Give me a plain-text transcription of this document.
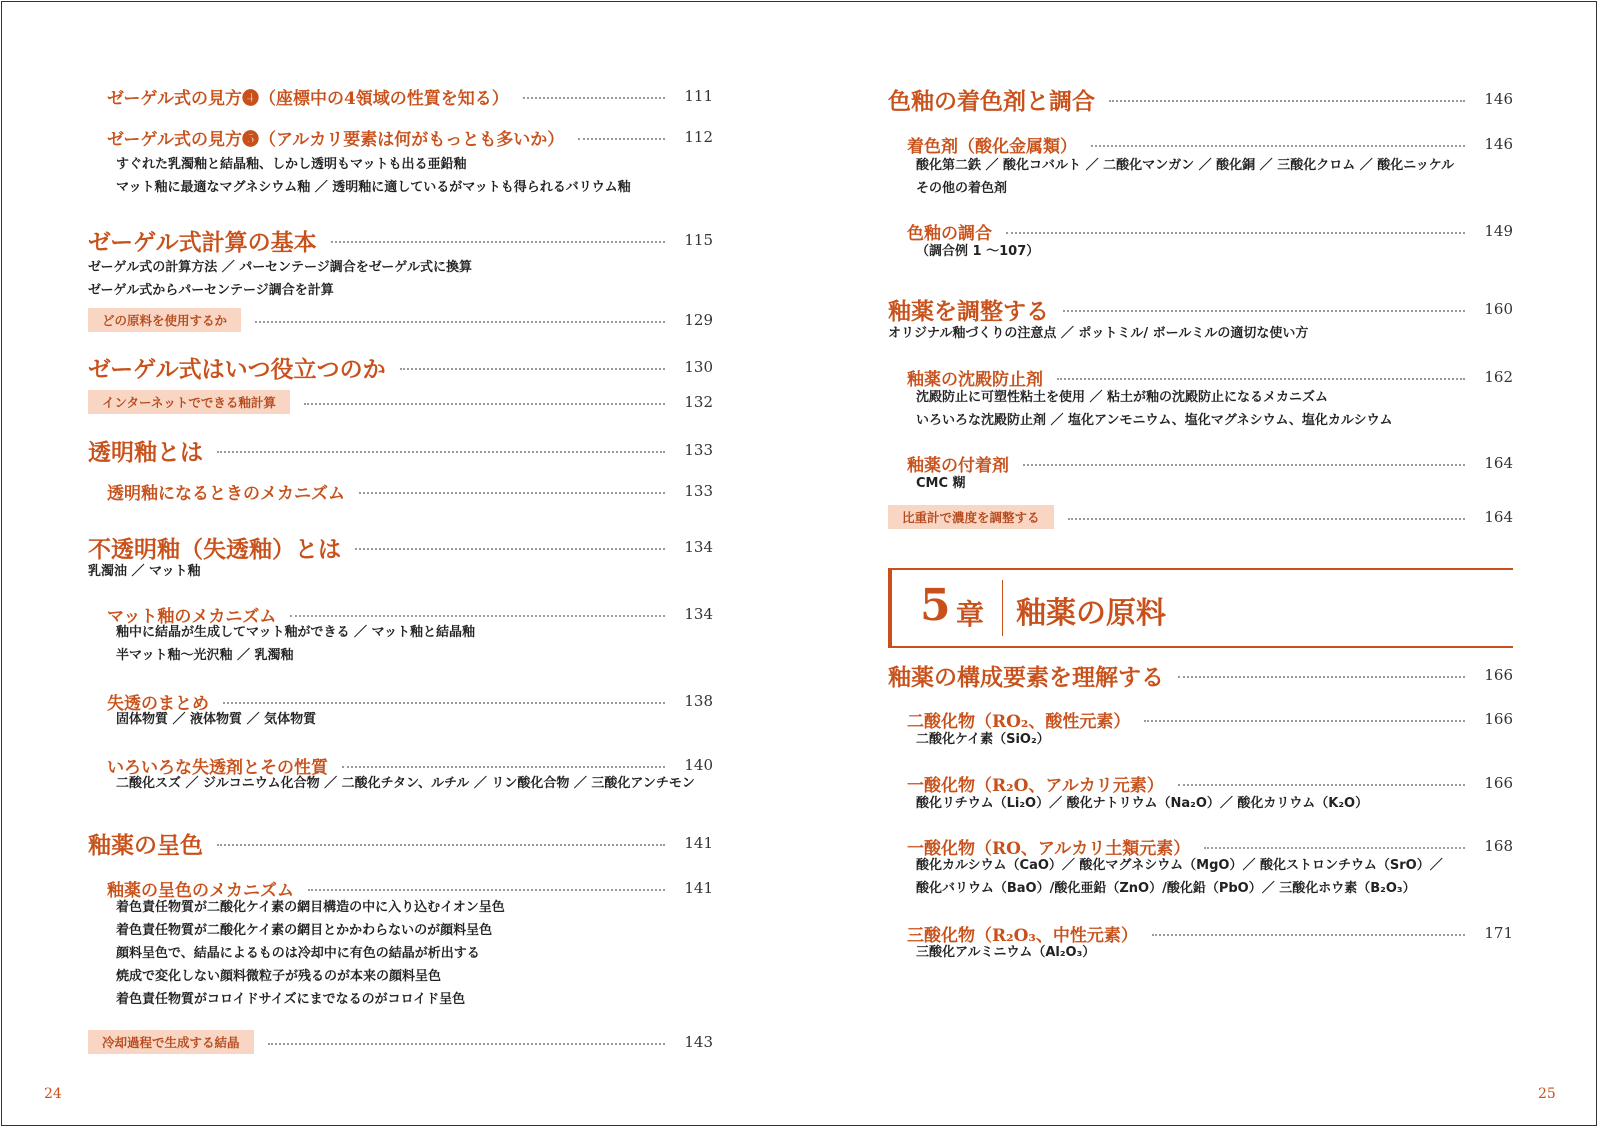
ゼーゲル式の見方❹（座標中の4領域の性質を知る）	111
ゼーゲル式の見方❺（アルカリ要素は何がもっとも多いか）	112
すぐれた乳濁釉と結晶釉、しかし透明もマットも出る亜鉛釉
マット釉に最適なマグネシウム釉 ／ 透明釉に適しているがマットも得られるバリウム釉
ゼーゲル式計算の基本	115
ゼーゲル式の計算方法 ／ パーセンテージ調合をゼーゲル式に換算
ゼーゲル式からパーセンテージ調合を計算
どの原料を使用するか	129
ゼーゲル式はいつ役立つのか	130
インターネットでできる釉計算	132
透明釉とは	133
透明釉になるときのメカニズム	133
不透明釉（失透釉）とは	134
乳濁油 ／ マット釉
マット釉のメカニズム	134
釉中に結晶が生成してマット釉ができる ／ マット釉と結晶釉
半マット釉〜光沢釉 ／ 乳濁釉
失透のまとめ	138
固体物質 ／ 液体物質 ／ 気体物質
いろいろな失透剤とその性質	140
二酸化スズ ／ ジルコニウム化合物 ／ 二酸化チタン、ルチル ／ リン酸化合物 ／ 三酸化アンチモン
釉薬の呈色	141
釉薬の呈色のメカニズム	141
着色責任物質が二酸化ケイ素の網目構造の中に入り込むイオン呈色
着色責任物質が二酸化ケイ素の網目とかかわらないのが顔料呈色
顔料呈色で、結晶によるものは冷却中に有色の結晶が析出する
焼成で変化しない顔料微粒子が残るのが本来の顔料呈色
着色責任物質がコロイドサイズにまでなるのがコロイド呈色
冷却過程で生成する結晶	143
色釉の着色剤と調合	146
着色剤（酸化金属類）	146
酸化第二鉄 ／ 酸化コバルト ／ 二酸化マンガン ／ 酸化銅 ／ 三酸化クロム ／ 酸化ニッケル
その他の着色剤
色釉の調合	149
（調合例 1 〜107）
釉薬を調整する	160
オリジナル釉づくりの注意点 ／ ポットミル/ ボールミルの適切な使い方
釉薬の沈殿防止剤	162
沈殿防止に可塑性粘土を使用 ／ 粘土が釉の沈殿防止になるメカニズム
いろいろな沈殿防止剤 ／ 塩化アンモニウム、塩化マグネシウム、塩化カルシウム
釉薬の付着剤	164
CMC 糊
比重計で濃度を調整する	164
釉薬の構成要素を理解する	166
二酸化物（RO₂、酸性元素）	166
二酸化ケイ素（SiO₂）
一酸化物（R₂O、アルカリ元素）	166
酸化リチウム（Li₂O）／ 酸化ナトリウム（Na₂O）／ 酸化カリウム（K₂O）
一酸化物（RO、アルカリ土類元素）	168
酸化カルシウム（CaO）／ 酸化マグネシウム（MgO）／ 酸化ストロンチウム（SrO）／
酸化バリウム（BaO）/酸化亜鉛（ZnO）/酸化鉛（PbO）／ 三酸化ホウ素（B₂O₃）
三酸化物（R₂O₃、中性元素）	171
三酸化アルミニウム（Al₂O₃）
5 章 釉薬の原料
24	25
